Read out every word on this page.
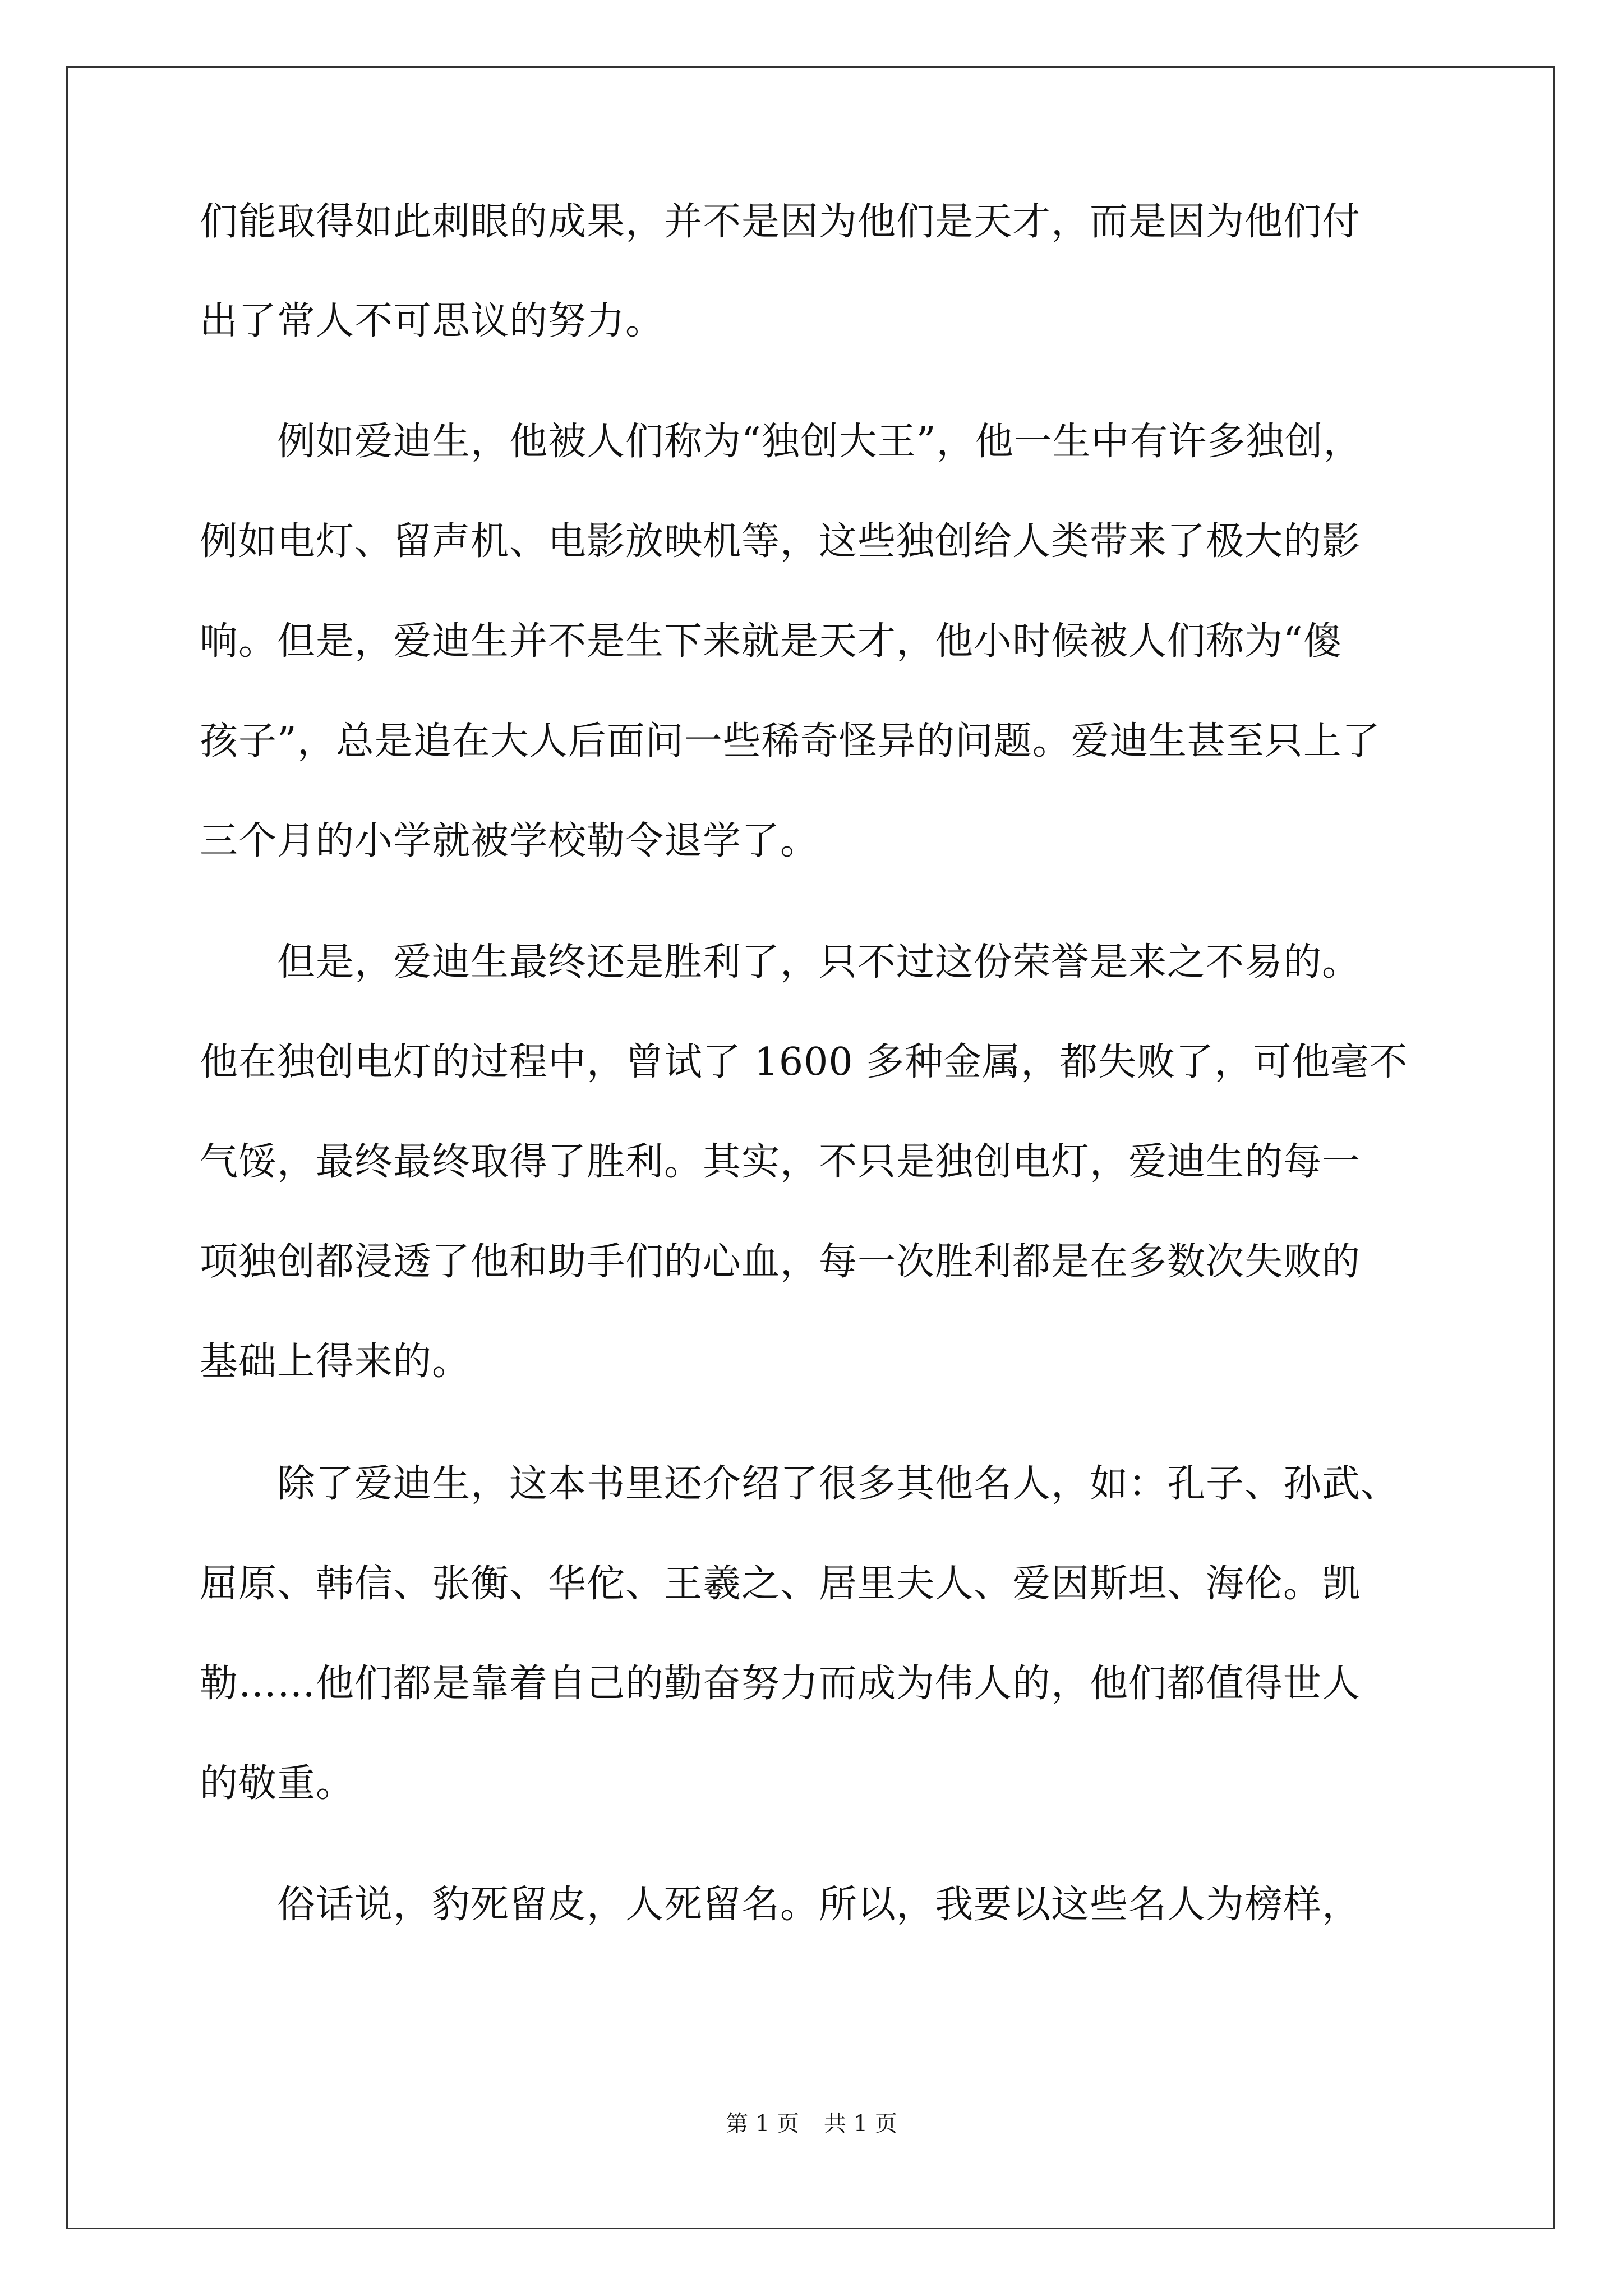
们能取得如此刺眼的成果，并不是因为他们是天才，而是因为他们付
出了常人不可思议的努力。
　　例如爱迪生，他被人们称为“独创大王”，他一生中有许多独创，
例如电灯、留声机、电影放映机等，这些独创给人类带来了极大的影
响。但是，爱迪生并不是生下来就是天才，他小时候被人们称为“傻
孩子”，总是追在大人后面问一些稀奇怪异的问题。爱迪生甚至只上了
三个月的小学就被学校勒令退学了。
　　但是，爱迪生最终还是胜利了，只不过这份荣誉是来之不易的。
他在独创电灯的过程中，曾试了 1600 多种金属，都失败了，可他毫不
气馁，最终最终取得了胜利。其实，不只是独创电灯，爱迪生的每一
项独创都浸透了他和助手们的心血，每一次胜利都是在多数次失败的
基础上得来的。
　　除了爱迪生，这本书里还介绍了很多其他名人，如：孔子、孙武、
屈原、韩信、张衡、华佗、王羲之、居里夫人、爱因斯坦、海伦。凯
勒……他们都是靠着自己的勤奋努力而成为伟人的，他们都值得世人
的敬重。
　　俗话说，豹死留皮，人死留名。所以，我要以这些名人为榜样，
第 1 页 共 1 页
